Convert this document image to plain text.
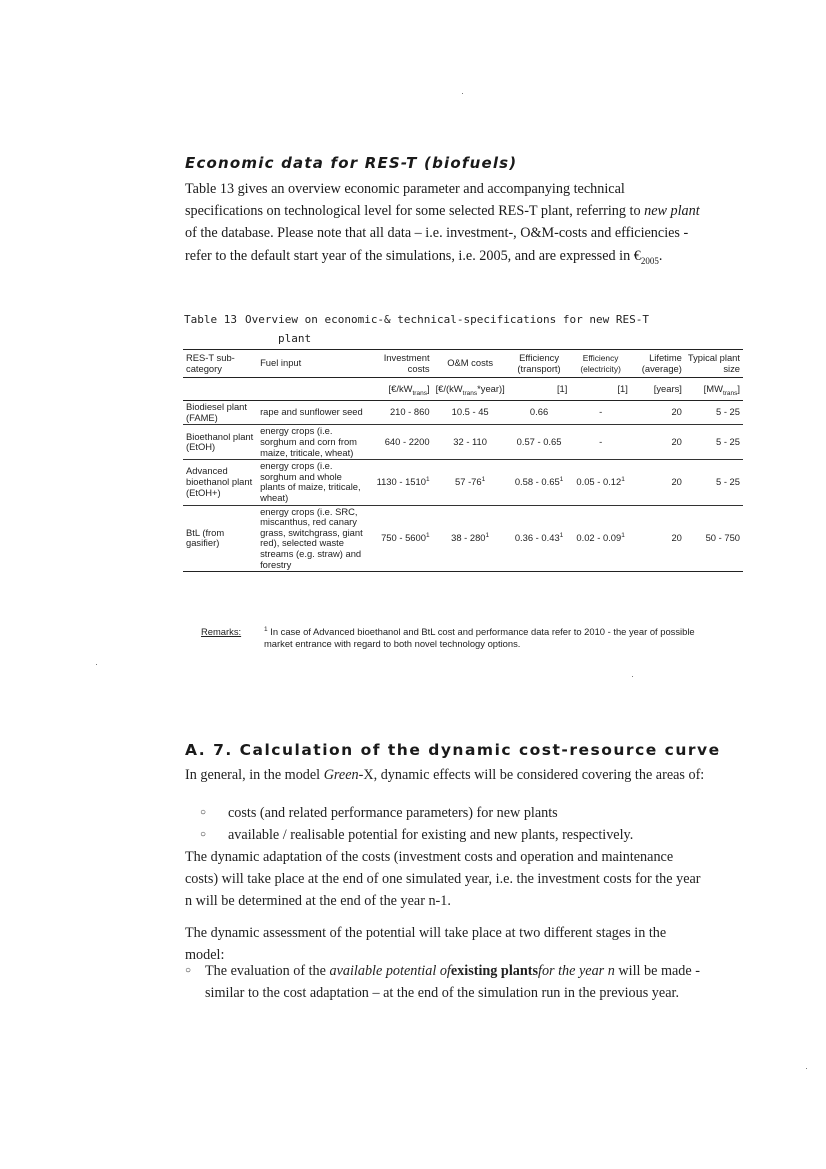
Economic data for RES-T (biofuels)

Table 13 gives an overview economic parameter and accompanying technical specifications on technological level for some selected RES-T plant, referring to new plant of the database. Please note that all data – i.e. investment-, O&M-costs and efficiencies - refer to the default start year of the simulations, i.e. 2005, and are expressed in $€_{2005}$.

Table 13 Overview on economic-& technical-specifications for new RES-T
plant
RES-T sub-category	Fuel input	Investment costs	O&M costs	Efficiency (transport)	Efficiency (electricity)	Lifetime (average)	Typical plant size
		$[€/kW_{trans}]$	$[€/(kW_{trans}*year)]$	[1]	[1]	[years]	$[MW_{trans}]$
Biodiesel plant (FAME)	rape and sunflower seed	210 - 860	10.5 - 45	0.66	-	20	5 - 25
Bioethanol plant (EtOH)	energy crops (i.e. sorghum and corn from maize, triticale, wheat)	640 - 2200	32 - 110	0.57 - 0.65	-	20	5 - 25
Advanced bioethanol plant (EtOH+)	energy crops (i.e. sorghum and whole plants of maize, triticale, wheat)	1130 - 1510$^1$	57 $-76^1$	0.58 - 0.65$^1$	0.05 - 0.12$^1$	20	5 - 25
BtL (from gasifier)	energy crops (i.e. SRC, miscanthus, red canary grass, switchgrass, giant red), selected waste streams (e.g. straw) and forestry	750 - 5600$^1$	$38 - 280^1$	0.36 - 0.43$^1$	0.02 - 0.09$^1$	20	50 - 750
Remarks:	$^1$ In case of Advanced bioethanol and BtL cost and performance data refer to 2010 - the year of possible market entrance with regard to both novel technology options.
A. 7. Calculation of the dynamic cost-resource curve

In general, in the model Green-X, dynamic effects will be considered covering the areas of:

○ costs (and related performance parameters) for new plants
○ available / realisable potential for existing and new plants, respectively.

The dynamic adaptation of the costs (investment costs and operation and maintenance costs) will take place at the end of one simulated year, i.e. the investment costs for the year n will be determined at the end of the year n-1.

The dynamic assessment of the potential will take place at two different stages in the model:

○ The evaluation of the available potential ofexisting plantsfor the year n will be made - similar to the cost adaptation – at the end of the simulation run in the previous year.
